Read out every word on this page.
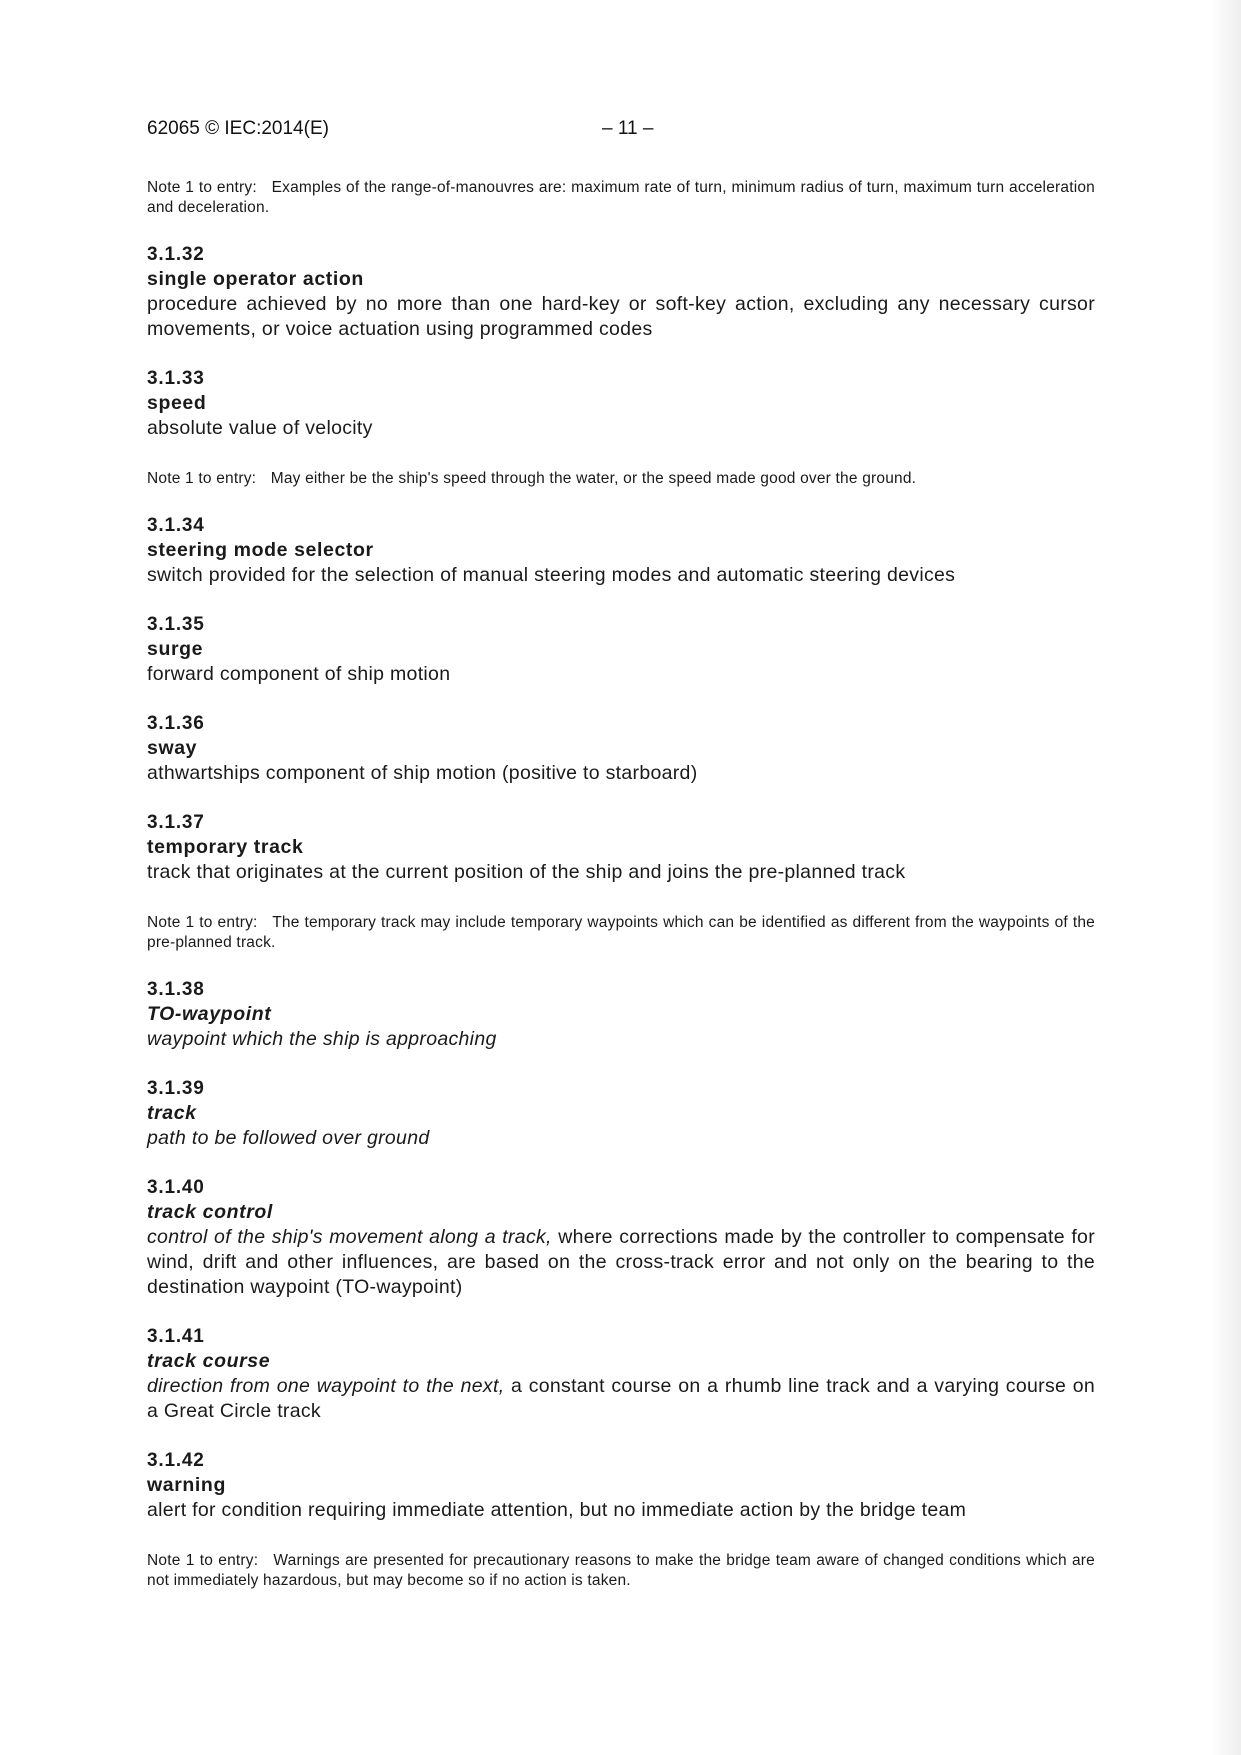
62065 © IEC:2014(E)	– 11 –
Note 1 to entry: Examples of the range-of-manouvres are: maximum rate of turn, minimum radius of turn, maximum turn acceleration and deceleration.
3.1.32
single operator action
procedure achieved by no more than one hard-key or soft-key action, excluding any necessary cursor movements, or voice actuation using programmed codes
3.1.33
speed
absolute value of velocity
Note 1 to entry: May either be the ship's speed through the water, or the speed made good over the ground.
3.1.34
steering mode selector
switch provided for the selection of manual steering modes and automatic steering devices
3.1.35
surge
forward component of ship motion
3.1.36
sway
athwartships component of ship motion (positive to starboard)
3.1.37
temporary track
track that originates at the current position of the ship and joins the pre-planned track
Note 1 to entry: The temporary track may include temporary waypoints which can be identified as different from the waypoints of the pre-planned track.
3.1.38
TO-waypoint
waypoint which the ship is approaching
3.1.39
track
path to be followed over ground
3.1.40
track control
control of the ship's movement along a track, where corrections made by the controller to compensate for wind, drift and other influences, are based on the cross-track error and not only on the bearing to the destination waypoint (TO-waypoint)
3.1.41
track course
direction from one waypoint to the next, a constant course on a rhumb line track and a varying course on a Great Circle track
3.1.42
warning
alert for condition requiring immediate attention, but no immediate action by the bridge team
Note 1 to entry: Warnings are presented for precautionary reasons to make the bridge team aware of changed conditions which are not immediately hazardous, but may become so if no action is taken.
